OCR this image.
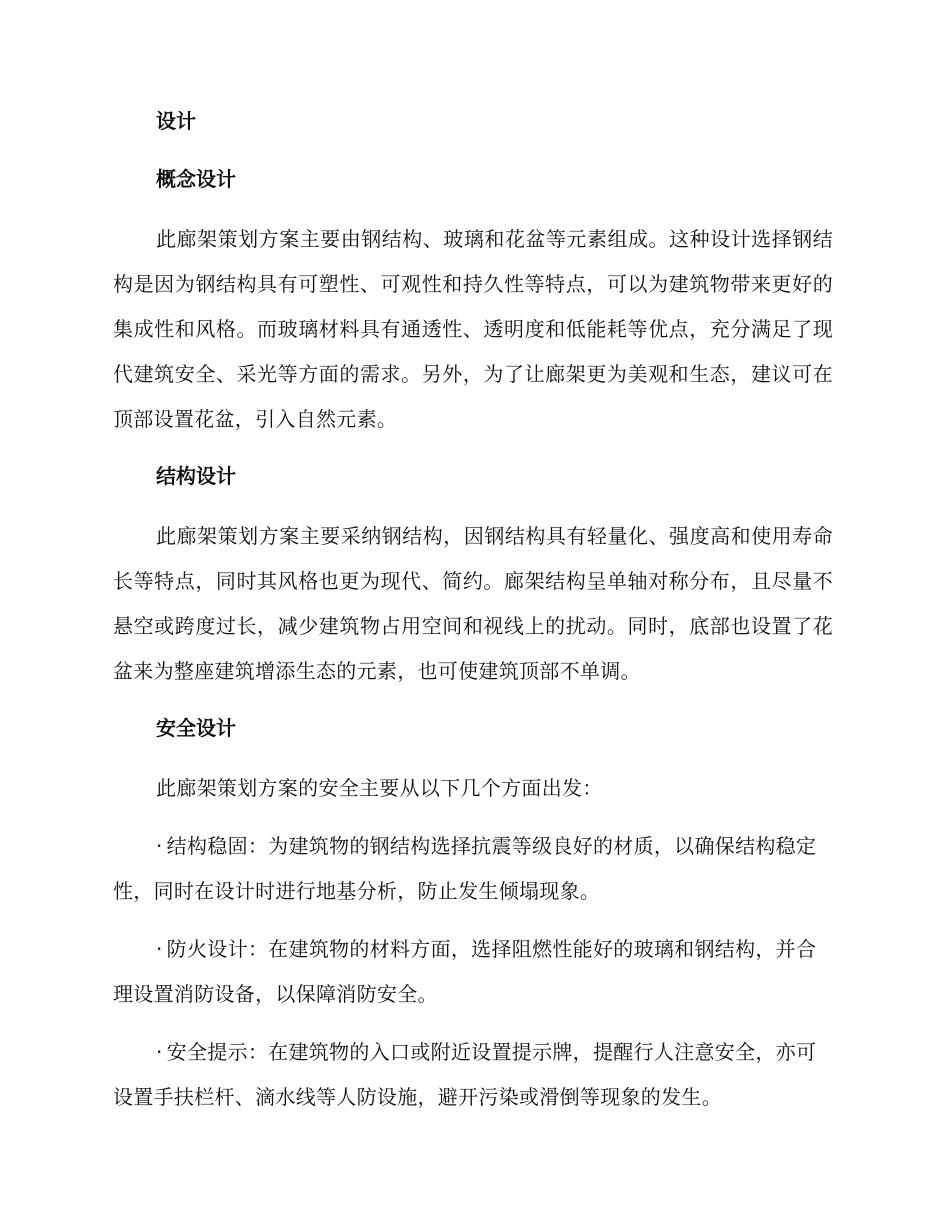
设计

概念设计

此廊架策划方案主要由钢结构、玻璃和花盆等元素组成。这种设计选择钢结构是因为钢结构具有可塑性、可观性和持久性等特点，可以为建筑物带来更好的集成性和风格。而玻璃材料具有通透性、透明度和低能耗等优点，充分满足了现代建筑安全、采光等方面的需求。另外，为了让廊架更为美观和生态，建议可在顶部设置花盆，引入自然元素。

结构设计

此廊架策划方案主要采纳钢结构，因钢结构具有轻量化、强度高和使用寿命长等特点，同时其风格也更为现代、简约。廊架结构呈单轴对称分布，且尽量不悬空或跨度过长，减少建筑物占用空间和视线上的扰动。同时，底部也设置了花盆来为整座建筑增添生态的元素，也可使建筑顶部不单调。

安全设计

此廊架策划方案的安全主要从以下几个方面出发：

· 结构稳固：为建筑物的钢结构选择抗震等级良好的材质，以确保结构稳定性，同时在设计时进行地基分析，防止发生倾塌现象。

· 防火设计：在建筑物的材料方面，选择阻燃性能好的玻璃和钢结构，并合理设置消防设备，以保障消防安全。

· 安全提示：在建筑物的入口或附近设置提示牌，提醒行人注意安全，亦可设置手扶栏杆、滴水线等人防设施，避开污染或滑倒等现象的发生。
